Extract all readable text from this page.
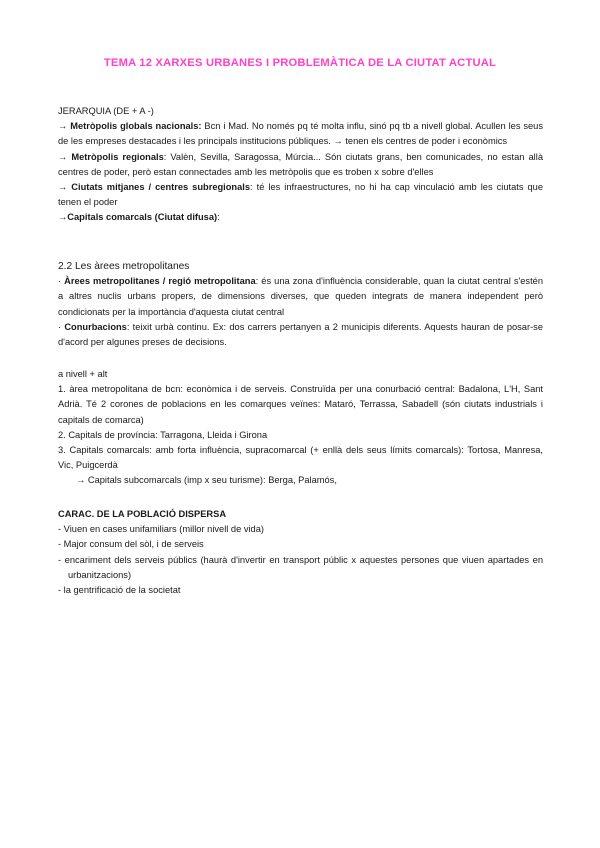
TEMA 12 XARXES URBANES I PROBLEMÀTICA DE LA CIUTAT ACTUAL

JERARQUIA (DE + A -)

→ Metròpolis globals nacionals: Bcn i Mad. No només pq té molta influ, sinó pq tb a nivell global. Acullen les seus de les empreses destacades i les principals institucions públiques. → tenen els centres de poder i econòmics

→ Metròpolis regionals: Valèn, Sevilla, Saragossa, Múrcia... Són ciutats grans, ben comunicades, no estan allà centres de poder, però estan connectades amb les metròpolis que es troben x sobre d'elles

→ Ciutats mitjanes / centres subregionals: té les infraestructures, no hi ha cap vinculació amb les ciutats que tenen el poder

→Capitals comarcals (Ciutat difusa):

2.2 Les àrees metropolitanes

· Àrees metropolitanes / regió metropolitana: és una zona d'influència considerable, quan la ciutat central s'estén a altres nuclis urbans propers, de dimensions diverses, que queden integrats de manera independent però condicionats per la importància d'aquesta ciutat central

· Conurbacions: teixit urbà continu. Ex: dos carrers pertanyen a 2 municipis diferents. Aquests hauran de posar-se d'acord per algunes preses de decisions.

a nivell + alt

1. àrea metropolitana de bcn: econòmica i de serveis. Construïda per una conurbació central: Badalona, L'H, Sant Adrià. Té 2 corones de poblacions en les comarques veïnes: Mataró, Terrassa, Sabadell (són ciutats industrials i capitals de comarca)

2. Capitals de província: Tarragona, Lleida i Girona

3. Capitals comarcals: amb forta influència, supracomarcal (+ enllà dels seus límits comarcals): Tortosa, Manresa, Vic, Puigcerdà

→ Capitals subcomarcals (imp x seu turisme): Berga, Palamós,

CARAC. DE LA POBLACIÓ DISPERSA

- Viuen en cases unifamiliars (millor nivell de vida)

- Major consum del sòl, i de serveis

- encariment dels serveis públics (haurà d'invertir en transport públic x aquestes persones que viuen apartades en urbanitzacions)

- la gentrificació de la societat
